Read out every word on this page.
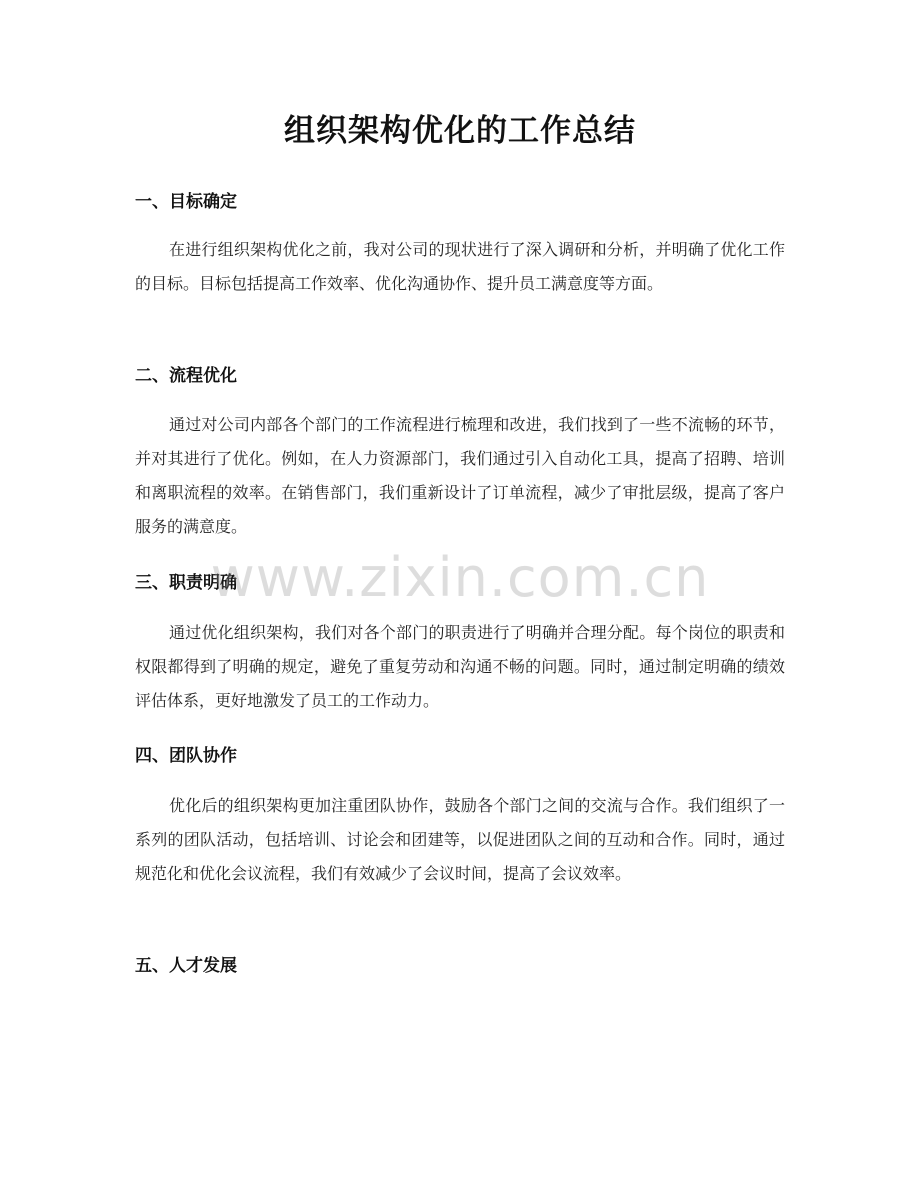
组织架构优化的工作总结
一、目标确定

在进行组织架构优化之前，我对公司的现状进行了深入调研和分析，并明确了优化工作的目标。目标包括提高工作效率、优化沟通协作、提升员工满意度等方面。

二、流程优化

通过对公司内部各个部门的工作流程进行梳理和改进，我们找到了一些不流畅的环节，并对其进行了优化。例如，在人力资源部门，我们通过引入自动化工具，提高了招聘、培训和离职流程的效率。在销售部门，我们重新设计了订单流程，减少了审批层级，提高了客户服务的满意度。

三、职责明确

通过优化组织架构，我们对各个部门的职责进行了明确并合理分配。每个岗位的职责和权限都得到了明确的规定，避免了重复劳动和沟通不畅的问题。同时，通过制定明确的绩效评估体系，更好地激发了员工的工作动力。

四、团队协作

优化后的组织架构更加注重团队协作，鼓励各个部门之间的交流与合作。我们组织了一系列的团队活动，包括培训、讨论会和团建等，以促进团队之间的互动和合作。同时，通过规范化和优化会议流程，我们有效减少了会议时间，提高了会议效率。

五、人才发展
www.zixin.com.cn
